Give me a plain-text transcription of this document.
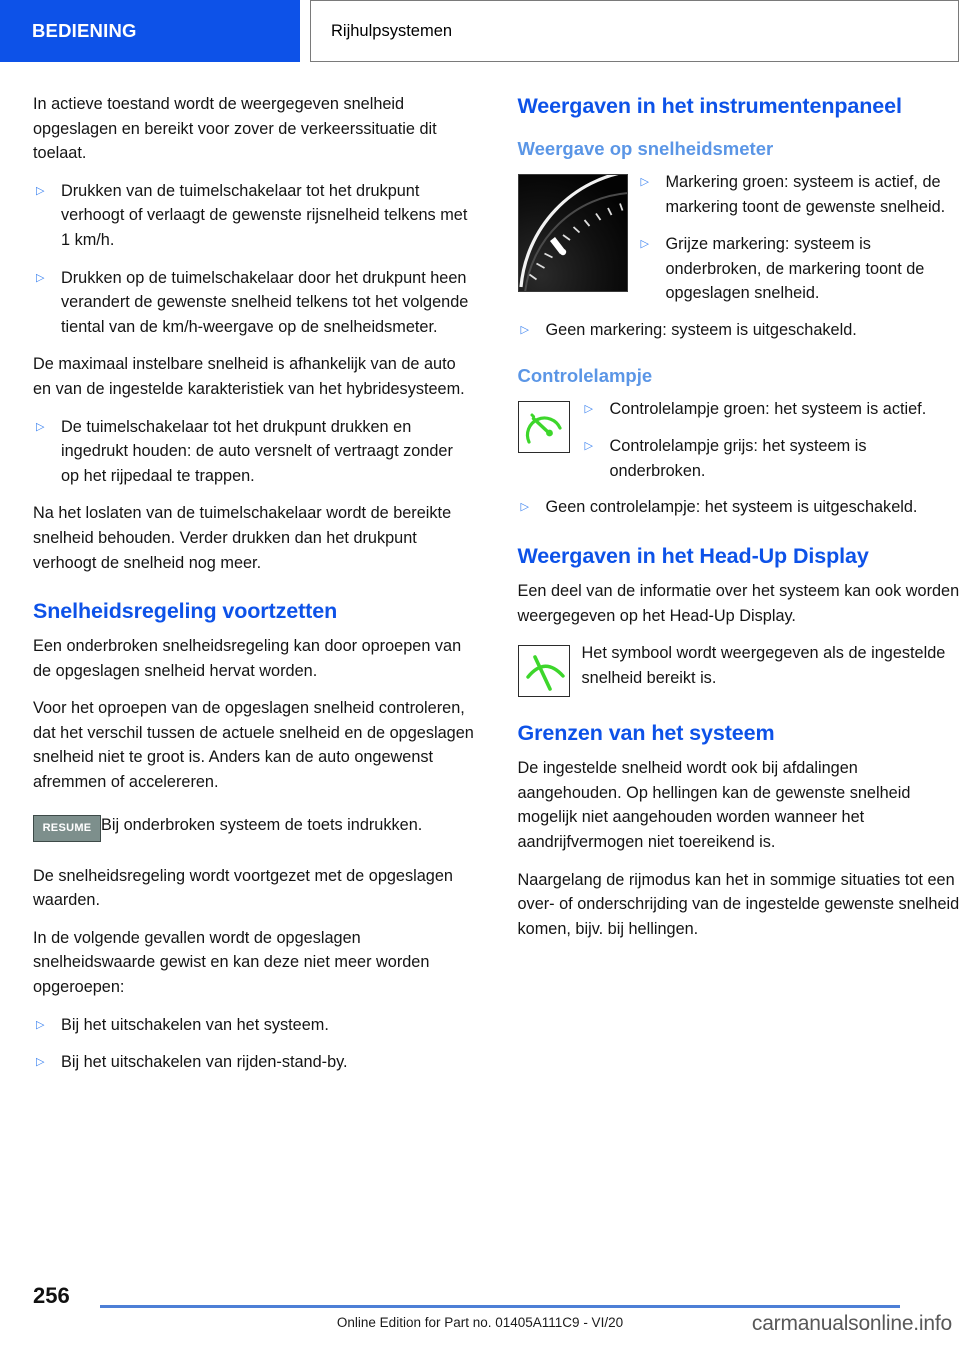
BEDIENING	Rijhulpsystemen

In actieve toestand wordt de weergegeven snelheid opgeslagen en bereikt voor zover de verkeerssituatie dit toelaat.

▷	Drukken van de tuimelschakelaar tot het drukpunt verhoogt of verlaagt de gewenste rijsnelheid telkens met 1 km/h.

▷	Drukken op de tuimelschakelaar door het drukpunt heen verandert de gewenste snelheid telkens tot het volgende tiental van de km/h-weergave op de snelheidsmeter.

De maximaal instelbare snelheid is afhankelijk van de auto en van de ingestelde karakteristiek van het hybridesysteem.

▷	De tuimelschakelaar tot het drukpunt drukken en ingedrukt houden: de auto versnelt of vertraagt zonder op het rijpedaal te trappen.

Na het loslaten van de tuimelschakelaar wordt de bereikte snelheid behouden. Verder drukken dan het drukpunt verhoogt de snelheid nog meer.

Snelheidsregeling voortzetten

Een onderbroken snelheidsregeling kan door oproepen van de opgeslagen snelheid hervat worden.

Voor het oproepen van de opgeslagen snelheid controleren, dat het verschil tussen de actuele snelheid en de opgeslagen snelheid niet te groot is. Anders kan de auto ongewenst afremmen of accelereren.

RESUME Bij onderbroken systeem de toets indrukken.

De snelheidsregeling wordt voortgezet met de opgeslagen waarden.

In de volgende gevallen wordt de opgeslagen snelheidswaarde gewist en kan deze niet meer worden opgeroepen:

▷	Bij het uitschakelen van het systeem.

▷	Bij het uitschakelen van rijden-stand-by.

Weergaven in het instrumentenpaneel
Weergave op snelheidsmeter
▷	Markering groen: systeem is actief, de markering toont de gewenste snelheid.

▷	Grijze markering: systeem is onderbroken, de markering toont de opgeslagen snelheid.

▷	Geen markering: systeem is uitgeschakeld.

Controlelampje
▷	Controlelampje groen: het systeem is actief.

▷	Controlelampje grijs: het systeem is onderbroken.

▷	Geen controlelampje: het systeem is uitgeschakeld.

Weergaven in het Head-Up Display

Een deel van de informatie over het systeem kan ook worden weergegeven op het Head-Up Display.

Het symbool wordt weergegeven als de ingestelde snelheid bereikt is.

Grenzen van het systeem

De ingestelde snelheid wordt ook bij afdalingen aangehouden. Op hellingen kan de gewenste snelheid mogelijk niet aangehouden worden wanneer het aandrijfvermogen niet toereikend is.

Naargelang de rijmodus kan het in sommige situaties tot een over- of onderschrijding van de ingestelde gewenste snelheid komen, bijv. bij hellingen.

256
Online Edition for Part no. 01405A111C9 - VI/20	carmanualsonline.info
